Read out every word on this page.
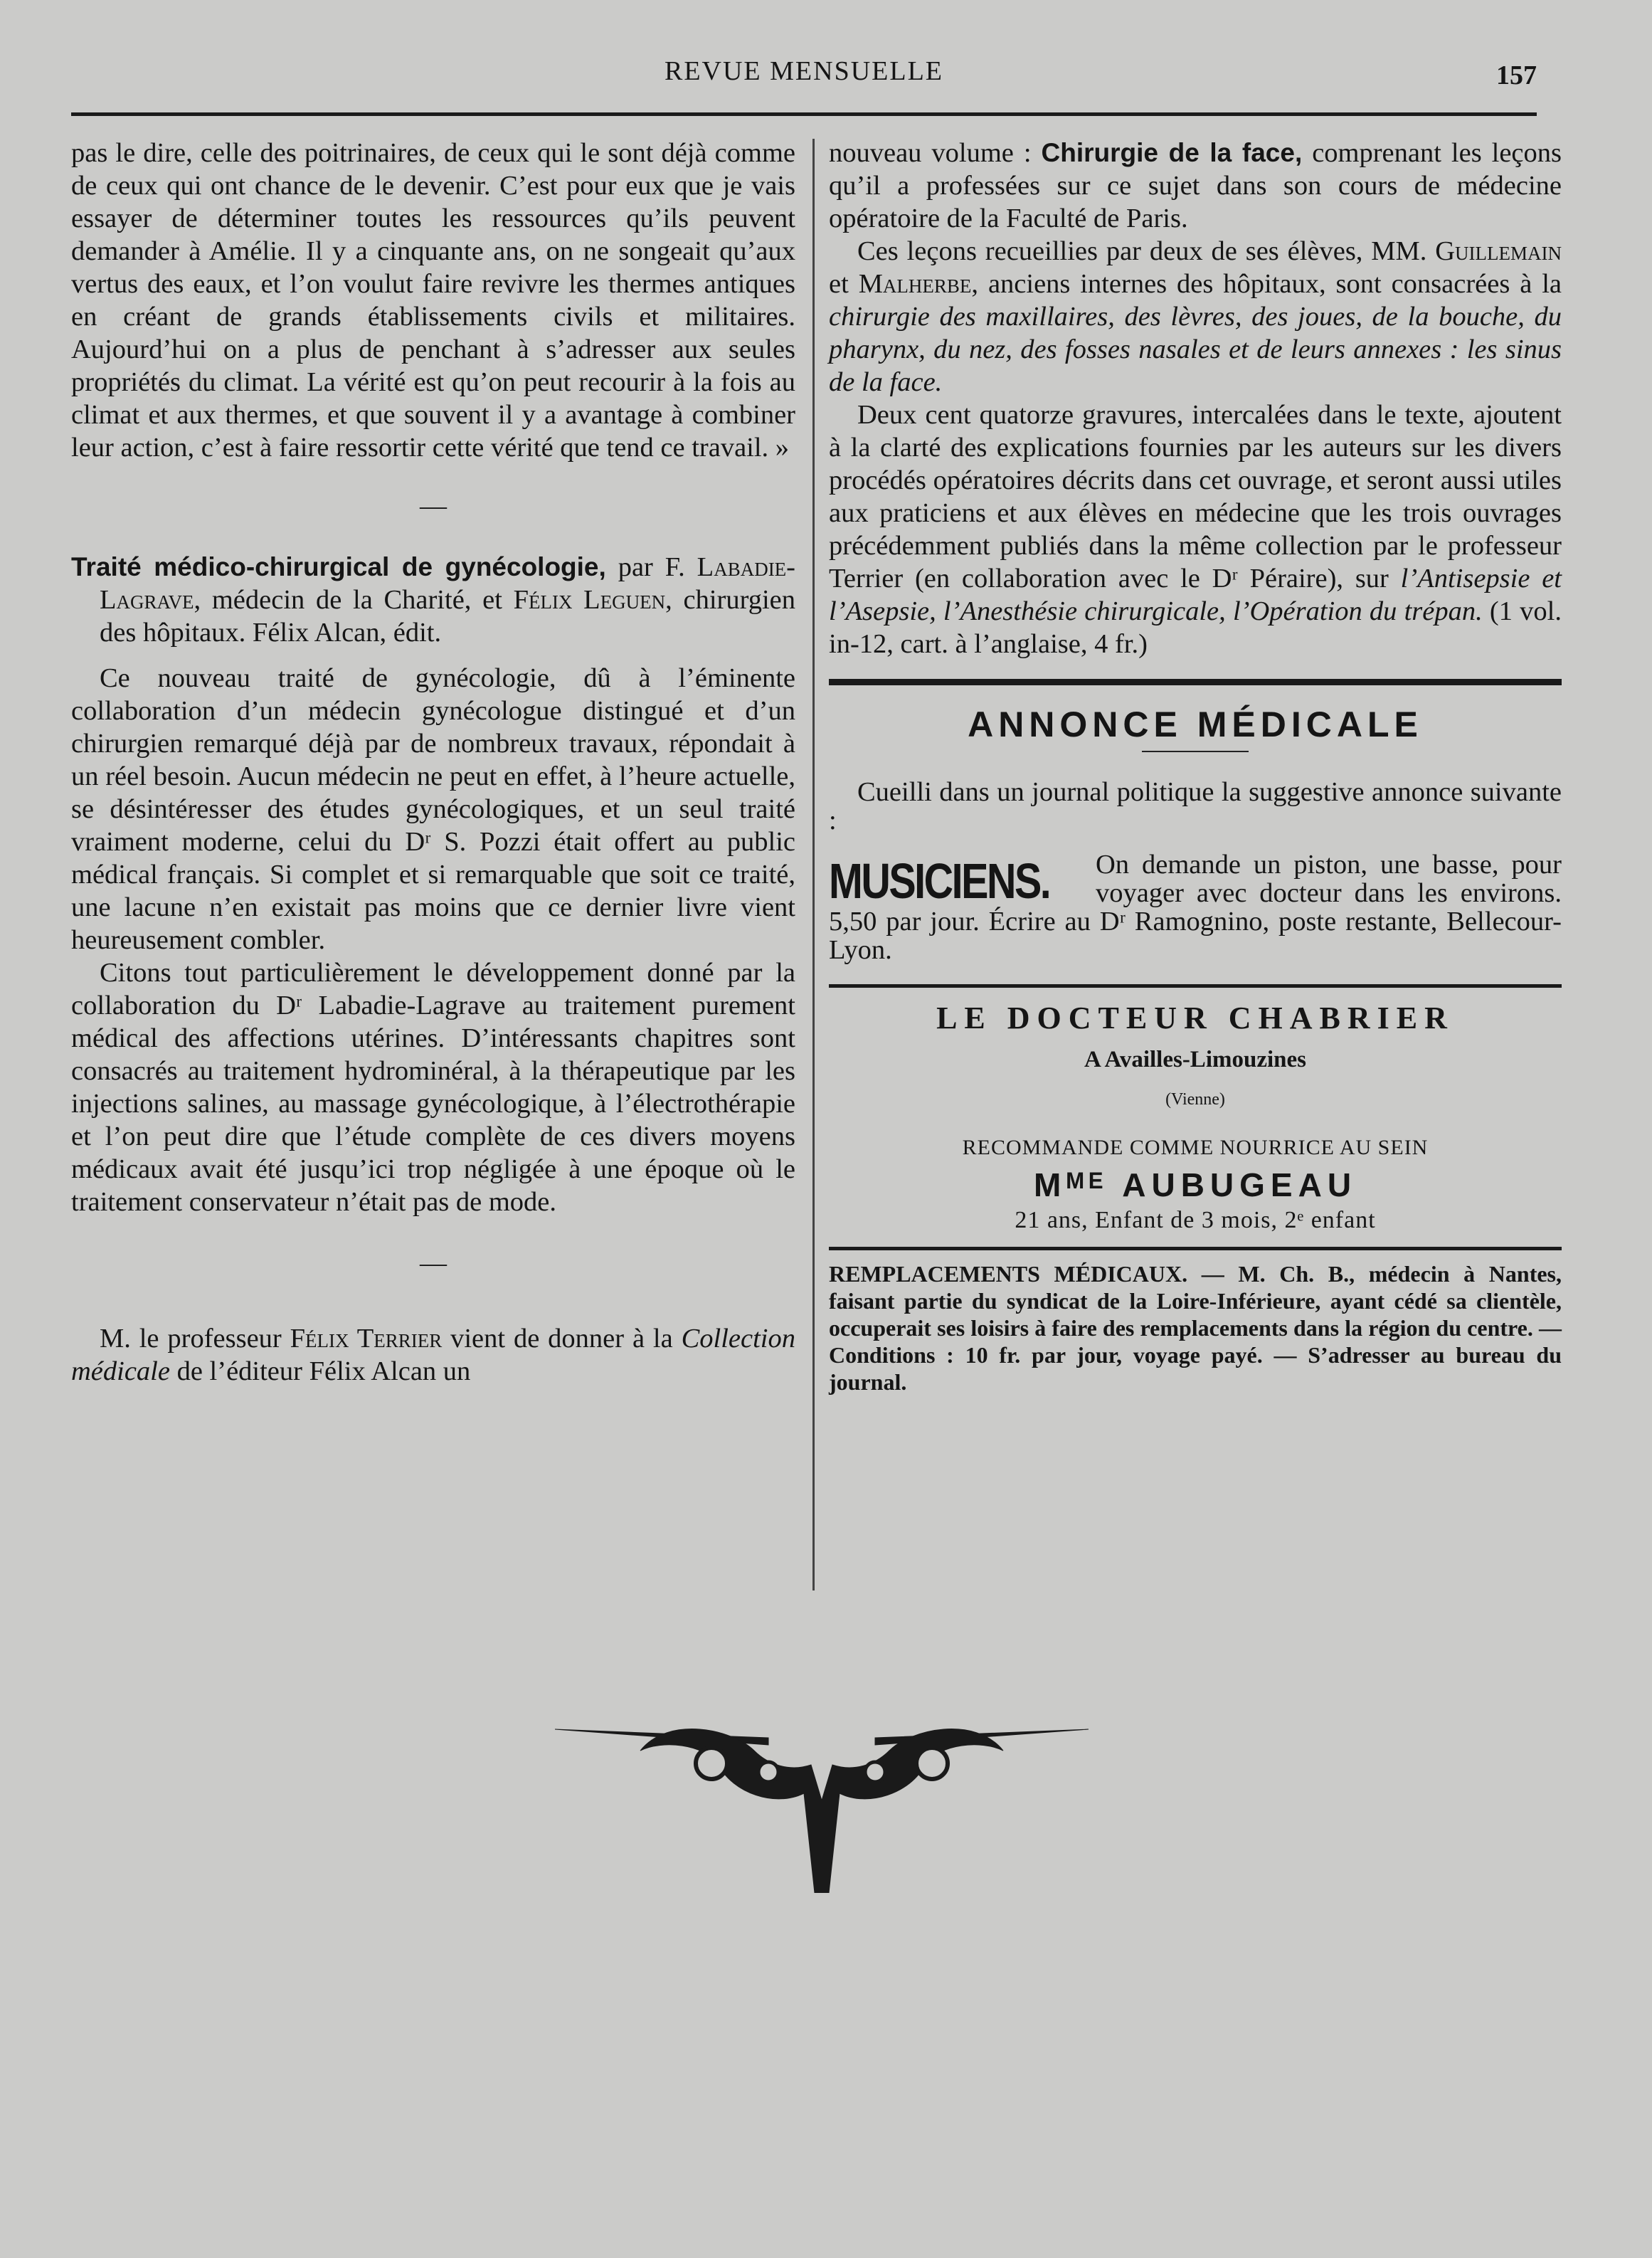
REVUE MENSUELLE	157

pas le dire, celle des poitrinaires, de ceux qui le sont déjà comme de ceux qui ont chance de le devenir. C’est pour eux que je vais essayer de déterminer toutes les ressources qu’ils peuvent demander à Amélie. Il y a cinquante ans, on ne songeait qu’aux vertus des eaux, et l’on voulut faire revivre les thermes antiques en créant de grands établissements civils et militaires. Aujourd’hui on a plus de penchant à s’adresser aux seules propriétés du climat. La vérité est qu’on peut recourir à la fois au climat et aux thermes, et que souvent il y a avantage à combiner leur action, c’est à faire ressortir cette vérité que tend ce travail. »

—

Traité médico-chirurgical de gynécologie, par F. Labadie-Lagrave, médecin de la Charité, et Félix Leguen, chirurgien des hôpitaux. Félix Alcan, édit.

Ce nouveau traité de gynécologie, dû à l’éminente collaboration d’un médecin gynécologue distingué et d’un chirurgien remarqué déjà par de nombreux travaux, répondait à un réel besoin. Aucun médecin ne peut en effet, à l’heure actuelle, se désintéresser des études gynécologiques, et un seul traité vraiment moderne, celui du Dʳ S. Pozzi était offert au public médical français. Si complet et si remarquable que soit ce traité, une lacune n’en existait pas moins que ce dernier livre vient heureusement combler.

Citons tout particulièrement le développement donné par la collaboration du Dʳ Labadie-Lagrave au traitement purement médical des affections utérines. D’intéressants chapitres sont consacrés au traitement hydrominéral, à la thérapeutique par les injections salines, au massage gynécologique, à l’électrothérapie et l’on peut dire que l’étude complète de ces divers moyens médicaux avait été jusqu’ici trop négligée à une époque où le traitement conservateur n’était pas de mode.

—

M. le professeur Félix Terrier vient de donner à la Collection médicale de l’éditeur Félix Alcan un

nouveau volume : Chirurgie de la face, comprenant les leçons qu’il a professées sur ce sujet dans son cours de médecine opératoire de la Faculté de Paris.

Ces leçons recueillies par deux de ses élèves, MM. Guillemain et Malherbe, anciens internes des hôpitaux, sont consacrées à la chirurgie des maxillaires, des lèvres, des joues, de la bouche, du pharynx, du nez, des fosses nasales et de leurs annexes : les sinus de la face.

Deux cent quatorze gravures, intercalées dans le texte, ajoutent à la clarté des explications fournies par les auteurs sur les divers procédés opératoires décrits dans cet ouvrage, et seront aussi utiles aux praticiens et aux élèves en médecine que les trois ouvrages précédemment publiés dans la même collection par le professeur Terrier (en collaboration avec le Dʳ Péraire), sur l’Antisepsie et l’Asepsie, l’Anesthésie chirurgicale, l’Opération du trépan. (1 vol. in-12, cart. à l’anglaise, 4 fr.)

ANNONCE MÉDICALE

Cueilli dans un journal politique la suggestive annonce suivante :

MUSICIENS. On demande un piston, une basse, pour voyager avec docteur dans les environs. 5,50 par jour. Écrire au Dʳ Ramognino, poste restante, Bellecour-Lyon.

LE DOCTEUR CHABRIER
A Availles-Limouzines
(Vienne)
RECOMMANDE COMME NOURRICE AU SEIN
Mᴹᴱ AUBUGEAU
21 ans, Enfant de 3 mois, 2ᵉ enfant

REMPLACEMENTS MÉDICAUX. — M. Ch. B., médecin à Nantes, faisant partie du syndicat de la Loire-Inférieure, ayant cédé sa clientèle, occuperait ses loisirs à faire des remplacements dans la région du centre. — Conditions : 10 fr. par jour, voyage payé. — S’adresser au bureau du journal.
